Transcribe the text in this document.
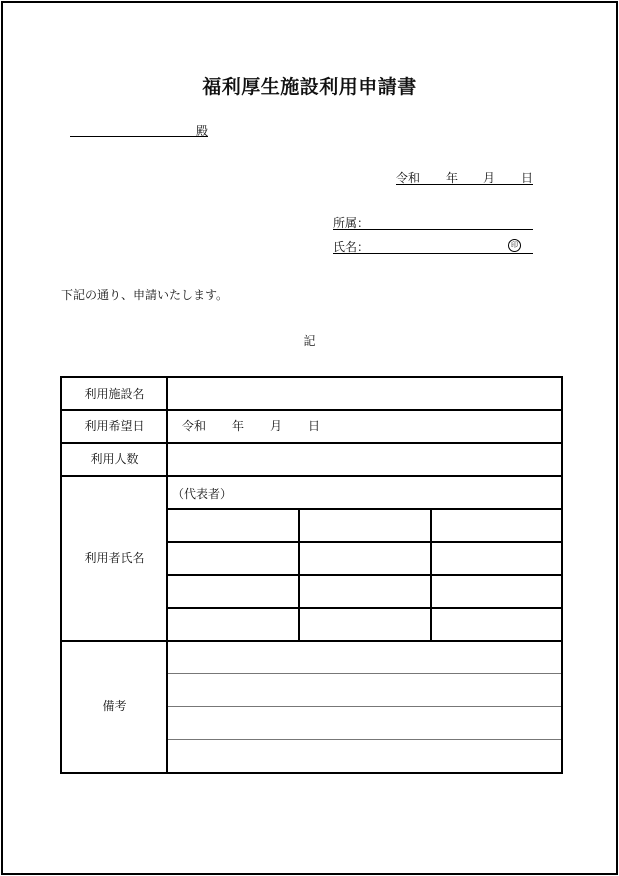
福利厚生施設利用申請書
殿
令和 年 月 日
所属：
氏名：	印
下記の通り、申請いたします。
記
利用施設名
利用希望日
利用人数
利用者氏名
備考
令和 年 月 日
（代表者）
